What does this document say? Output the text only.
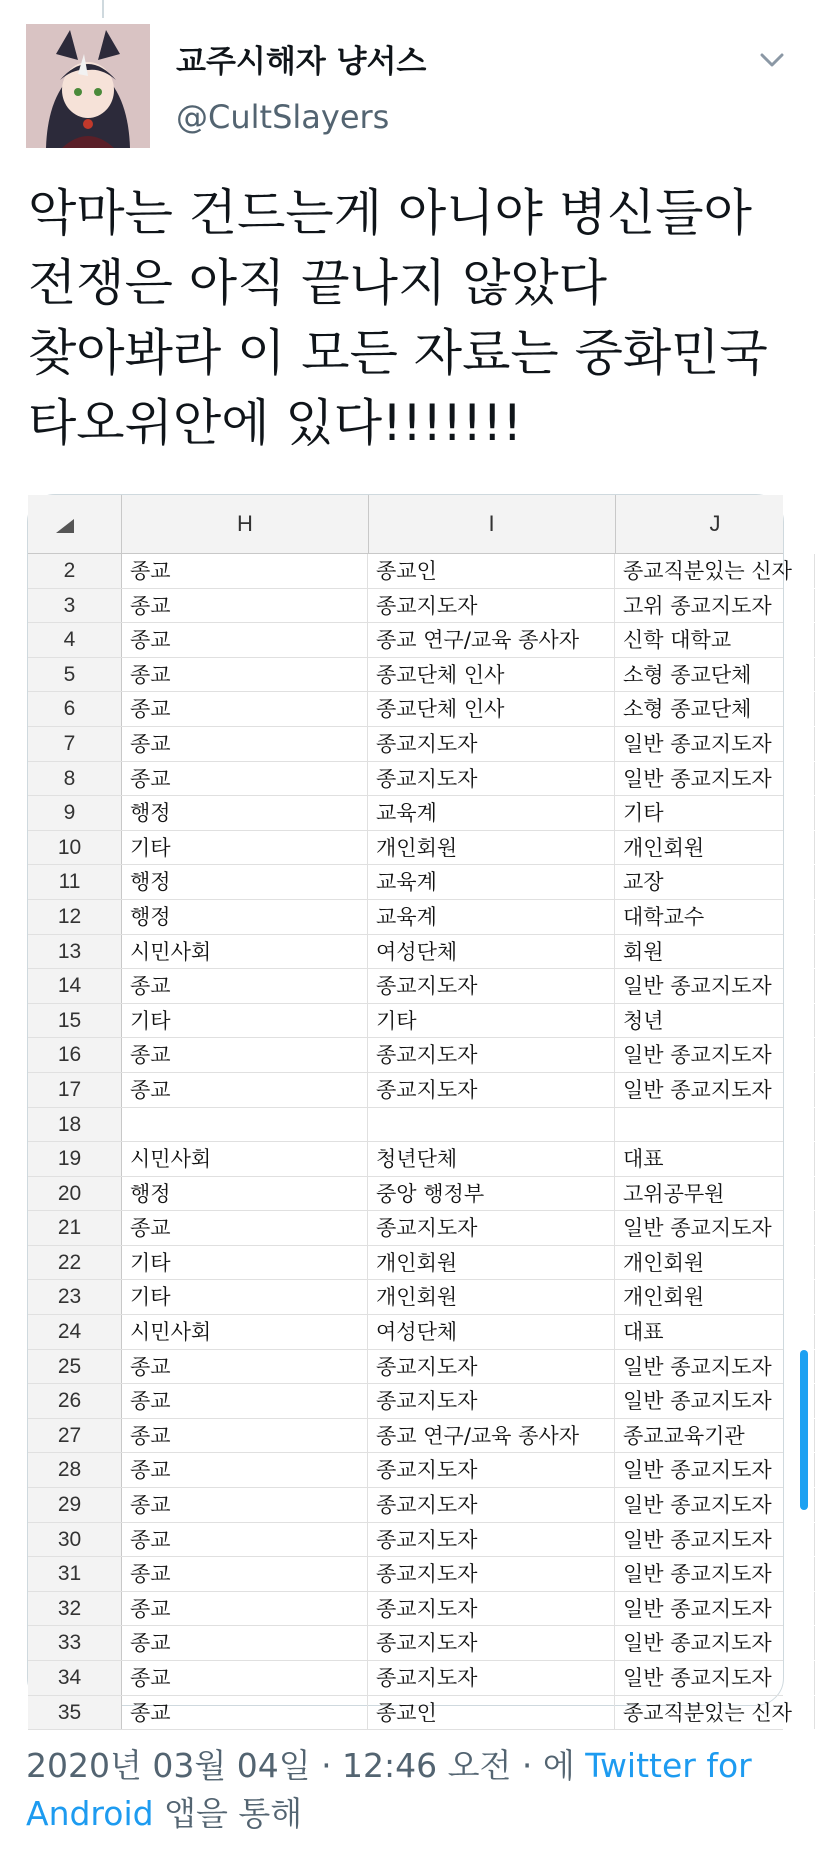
교주시해자 냥서스
@CultSlayers
악마는 건드는게 아니야 병신들아
전쟁은 아직 끝나지 않았다
찾아봐라 이 모든 자료는 중화민국
타오위안에 있다!!!!!!!
H	I	J
2	종교	종교인	종교직분있는 신자
3	종교	종교지도자	고위 종교지도자
4	종교	종교 연구/교육 종사자	신학 대학교
5	종교	종교단체 인사	소형 종교단체
6	종교	종교단체 인사	소형 종교단체
7	종교	종교지도자	일반 종교지도자
8	종교	종교지도자	일반 종교지도자
9	행정	교육계	기타
10	기타	개인회원	개인회원
11	행정	교육계	교장
12	행정	교육계	대학교수
13	시민사회	여성단체	회원
14	종교	종교지도자	일반 종교지도자
15	기타	기타	청년
16	종교	종교지도자	일반 종교지도자
17	종교	종교지도자	일반 종교지도자
18
19	시민사회	청년단체	대표
20	행정	중앙 행정부	고위공무원
21	종교	종교지도자	일반 종교지도자
22	기타	개인회원	개인회원
23	기타	개인회원	개인회원
24	시민사회	여성단체	대표
25	종교	종교지도자	일반 종교지도자
26	종교	종교지도자	일반 종교지도자
27	종교	종교 연구/교육 종사자	종교교육기관
28	종교	종교지도자	일반 종교지도자
29	종교	종교지도자	일반 종교지도자
30	종교	종교지도자	일반 종교지도자
31	종교	종교지도자	일반 종교지도자
32	종교	종교지도자	일반 종교지도자
33	종교	종교지도자	일반 종교지도자
34	종교	종교지도자	일반 종교지도자
35	종교	종교인	종교직분있는 신자
2020년 03월 04일 · 12:46 오전 · 에 Twitter for Android 앱을 통해
